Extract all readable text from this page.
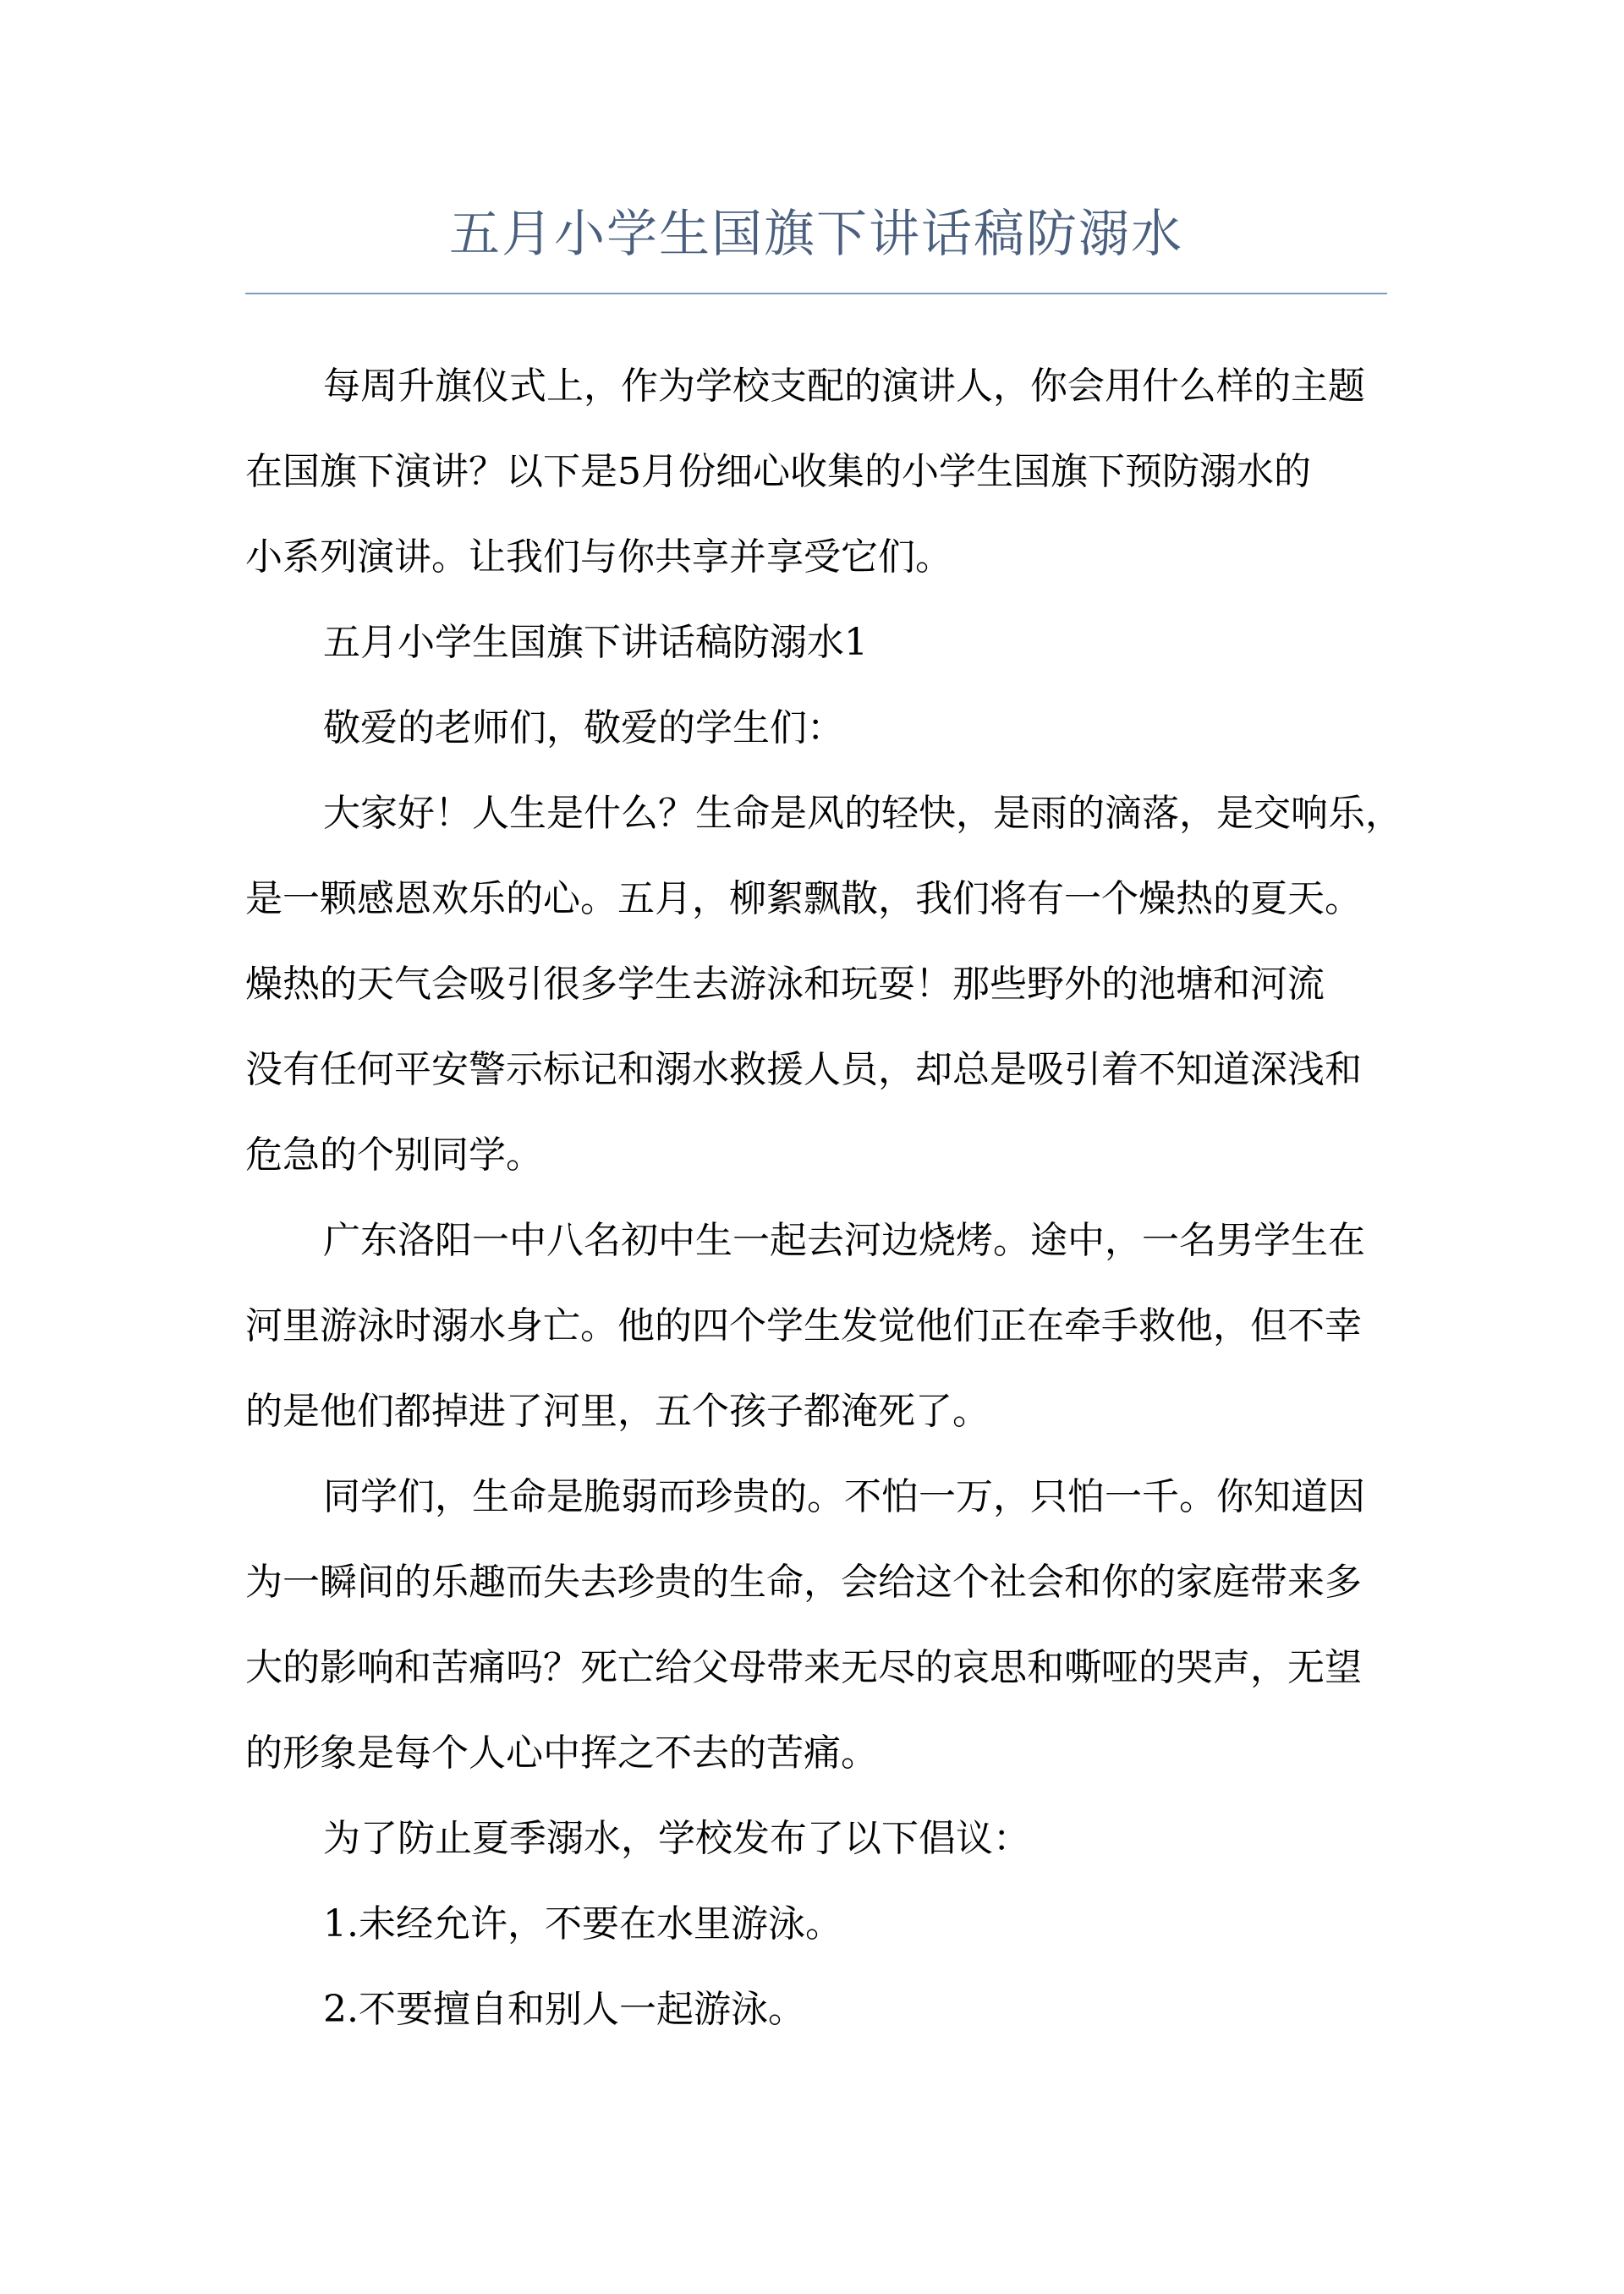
五月小学生国旗下讲话稿防溺水

每周升旗仪式上，作为学校支配的演讲人，你会用什么样的主题
在国旗下演讲？以下是5月份细心收集的小学生国旗下预防溺水的
小系列演讲。让我们与你共享并享受它们。

五月小学生国旗下讲话稿防溺水1

敬爱的老师们，敬爱的学生们：

大家好！人生是什么？生命是风的轻快，是雨的滴落，是交响乐，
是一颗感恩欢乐的心。五月，柳絮飘散，我们将有一个燥热的夏天。
燥热的天气会吸引很多学生去游泳和玩耍！那些野外的池塘和河流
没有任何平安警示标记和溺水救援人员，却总是吸引着不知道深浅和
危急的个别同学。

广东洛阳一中八名初中生一起去河边烧烤。途中，一名男学生在
河里游泳时溺水身亡。他的四个学生发觉他们正在牵手救他，但不幸
的是他们都掉进了河里，五个孩子都淹死了。

同学们，生命是脆弱而珍贵的。不怕一万，只怕一千。你知道因
为一瞬间的乐趣而失去珍贵的生命，会给这个社会和你的家庭带来多
大的影响和苦痛吗？死亡给父母带来无尽的哀思和嘶哑的哭声，无望
的形象是每个人心中挥之不去的苦痛。

为了防止夏季溺水，学校发布了以下倡议：

1.未经允许，不要在水里游泳。

2.不要擅自和别人一起游泳。
